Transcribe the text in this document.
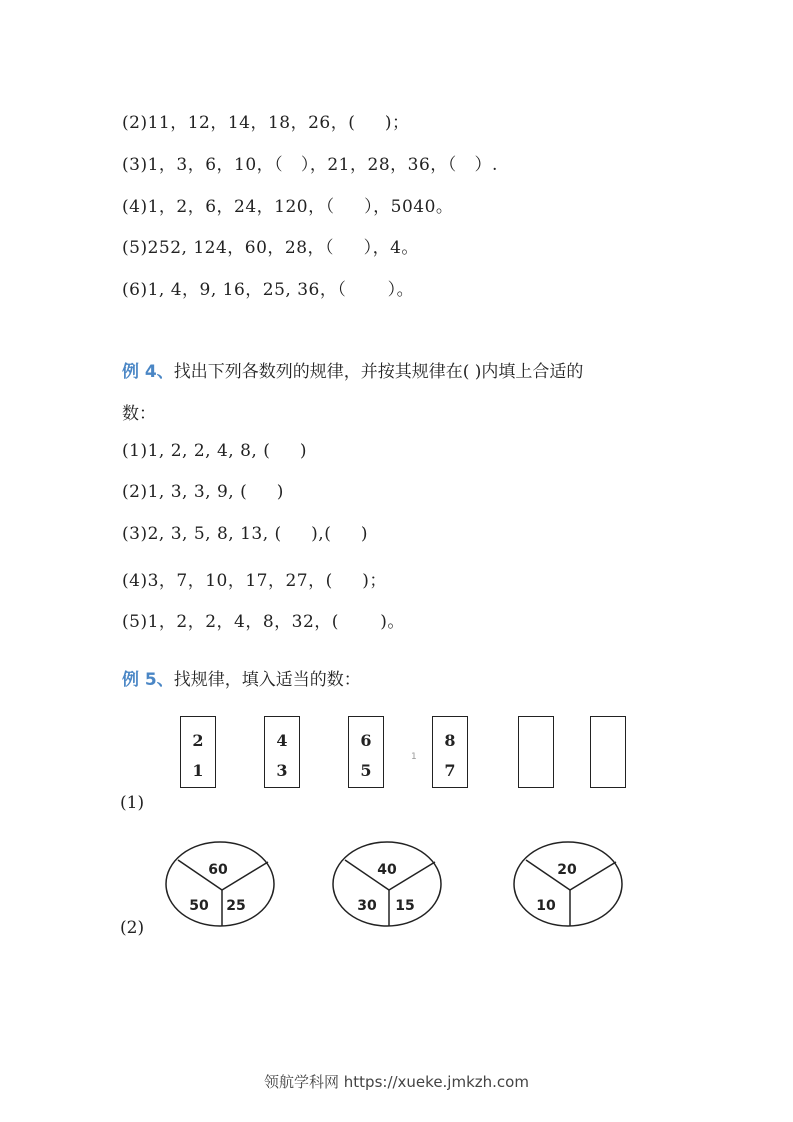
(2)11，12，14，18，26，(     )；
(3)1，3，6，10，（   ），21，28，36，（   ）.
(4)1，2，6，24，120，（     ），5040。
(5)252, 124，60，28，（     ），4。
(6)1, 4，9, 16，25, 36，（       ）。
例 4、找出下列各数列的规律，并按其规律在( )内填上合适的
数：
(1)1, 2, 2, 4, 8, (     )
(2)1, 3, 3, 9, (     )
(3)2, 3, 5, 8, 13, (     ),(     )
(4)3，7，10，17，27，(     )；
(5)1，2，2，4，8，32，(       )。
例 5、找规律，填入适当的数：
2
1
4
3
6
5
1
8
7
(1)
60
50 25
40
30 15
20
10
(2)
领航学科网 https://xueke.jmkzh.com
